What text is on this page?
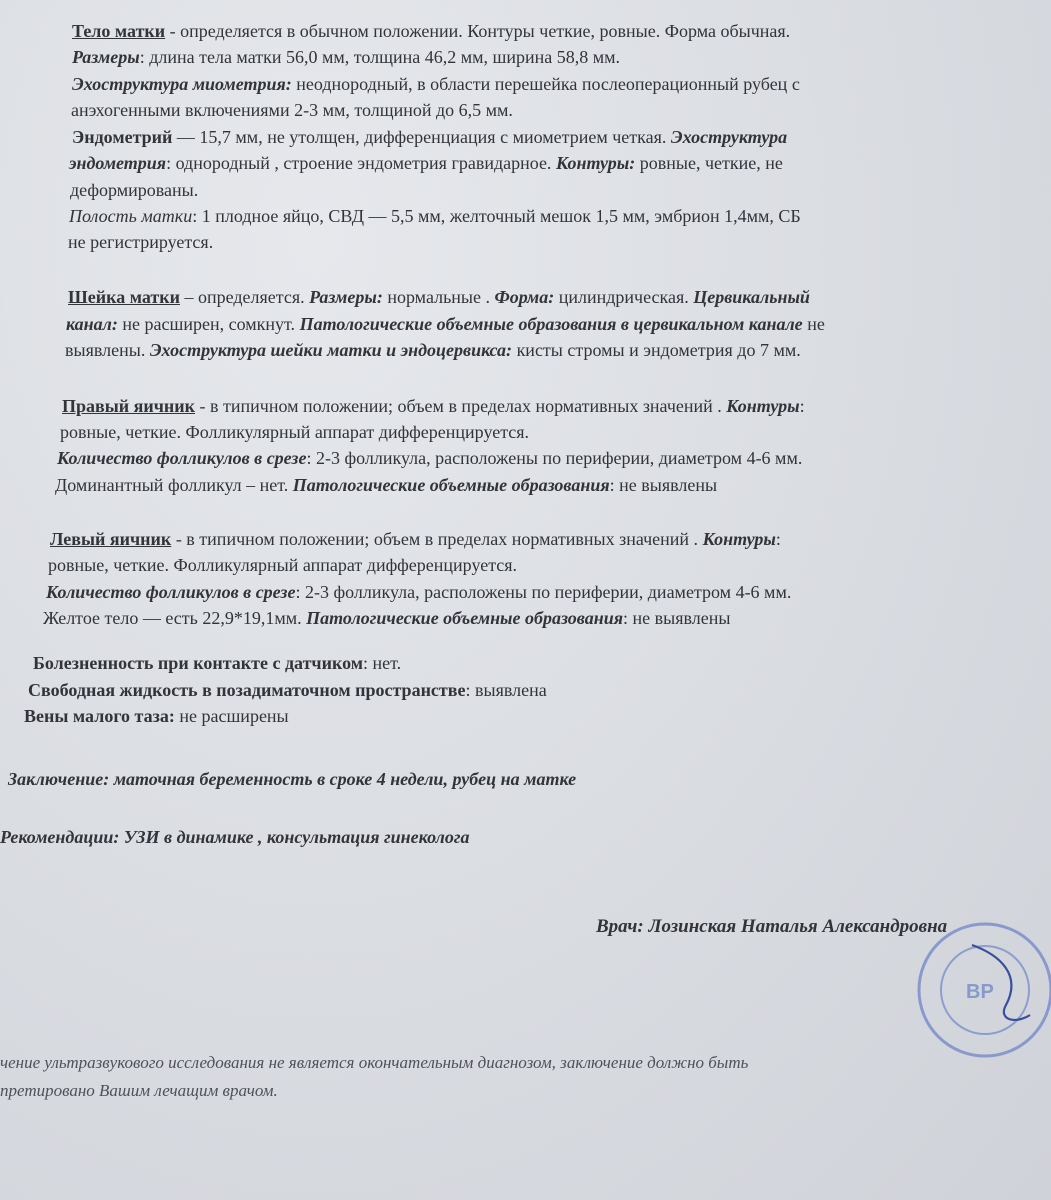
Тело матки - определяется в обычном положении. Контуры четкие, ровные. Форма обычная.
Размеры: длина тела матки 56,0 мм, толщина 46,2 мм, ширина 58,8 мм.
Эхоструктура миометрия: неоднородный, в области перешейка послеоперационный рубец с
анэхогенными включениями 2-3 мм, толщиной до 6,5 мм.
Эндометрий — 15,7 мм, не утолщен, дифференциация с миометрием четкая. Эхоструктура
эндометрия: однородный , строение эндометрия гравидарное. Контуры: ровные, четкие, не
деформированы.
Полость матки: 1 плодное яйцо, СВД — 5,5 мм, желточный мешок 1,5 мм, эмбрион 1,4мм, СБ
не регистрируется.
Шейка матки – определяется. Размеры: нормальные . Форма: цилиндрическая. Цервикальный
канал: не расширен, сомкнут. Патологические объемные образования в цервикальном канале не
выявлены. Эхоструктура шейки матки и эндоцервикса: кисты стромы и эндометрия до 7 мм.
Правый яичник - в типичном положении; объем в пределах нормативных значений . Контуры:
ровные, четкие. Фолликулярный аппарат дифференцируется.
Количество фолликулов в срезе: 2-3 фолликула, расположены по периферии, диаметром 4-6 мм.
Доминантный фолликул – нет. Патологические объемные образования: не выявлены
Левый яичник - в типичном положении; объем в пределах нормативных значений . Контуры:
ровные, четкие. Фолликулярный аппарат дифференцируется.
Количество фолликулов в срезе: 2-3 фолликула, расположены по периферии, диаметром 4-6 мм.
Желтое тело — есть 22,9*19,1мм. Патологические объемные образования: не выявлены
Болезненность при контакте с датчиком: нет.
Свободная жидкость в позадиматочном пространстве: выявлена
Вены малого таза: не расширены
Заключение: маточная беременность в сроке 4 недели, рубец на матке
Рекомендации: УЗИ в динамике , консультация гинеколога
Врач: Лозинская Наталья Александровна
чение ультразвукового исследования не является окончательным диагнозом, заключение должно быть
претировано Вашим лечащим врачом.
ВР
